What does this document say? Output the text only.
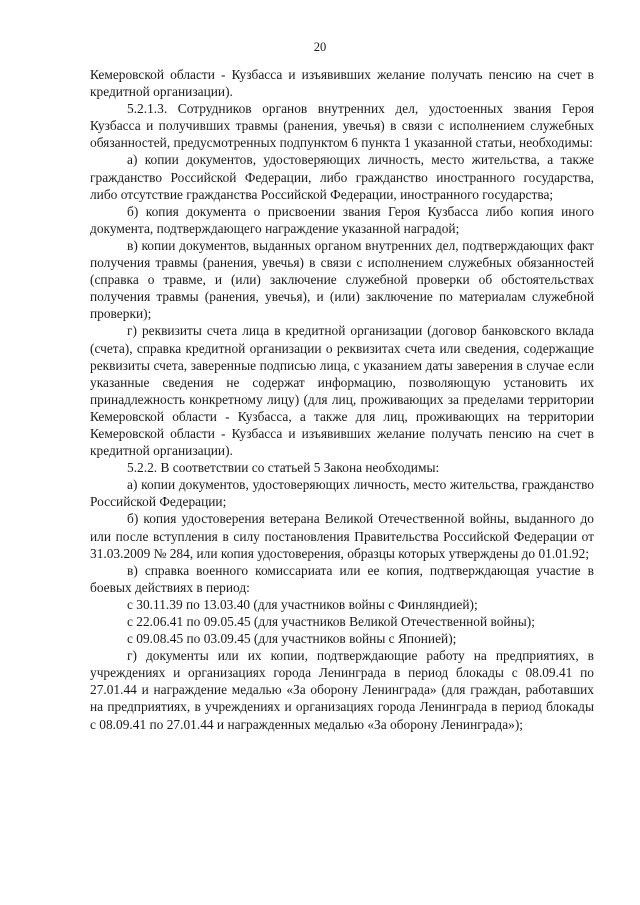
20

Кемеровской области - Кузбасса и изъявивших желание получать пенсию на счет в кредитной организации).

5.2.1.3. Сотрудников органов внутренних дел, удостоенных звания Героя Кузбасса и получивших травмы (ранения, увечья) в связи с исполнением служебных обязанностей, предусмотренных подпунктом 6 пункта 1 указанной статьи, необходимы:

а) копии документов, удостоверяющих личность, место жительства, а также гражданство Российской Федерации, либо гражданство иностранного государства, либо отсутствие гражданства Российской Федерации, иностранного государства;

б) копия документа о присвоении звания Героя Кузбасса либо копия иного документа, подтверждающего награждение указанной наградой;

в) копии документов, выданных органом внутренних дел, подтверждающих факт получения травмы (ранения, увечья) в связи с исполнением служебных обязанностей (справка о травме, и (или) заключение служебной проверки об обстоятельствах получения травмы (ранения, увечья), и (или) заключение по материалам служебной проверки);

г) реквизиты счета лица в кредитной организации (договор банковского вклада (счета), справка кредитной организации о реквизитах счета или сведения, содержащие реквизиты счета, заверенные подписью лица, с указанием даты заверения в случае если указанные сведения не содержат информацию, позволяющую установить их принадлежность конкретному лицу) (для лиц, проживающих за пределами территории Кемеровской области - Кузбасса, а также для лиц, проживающих на территории Кемеровской области - Кузбасса и изъявивших желание получать пенсию на счет в кредитной организации).

5.2.2. В соответствии со статьей 5 Закона необходимы:

а) копии документов, удостоверяющих личность, место жительства, гражданство Российской Федерации;

б) копия удостоверения ветерана Великой Отечественной войны, выданного до или после вступления в силу постановления Правительства Российской Федерации от 31.03.2009 № 284, или копия удостоверения, образцы которых утверждены до 01.01.92;

в) справка военного комиссариата или ее копия, подтверждающая участие в боевых действиях в период:

с 30.11.39 по 13.03.40 (для участников войны с Финляндией);

с 22.06.41 по 09.05.45 (для участников Великой Отечественной войны);

с 09.08.45 по 03.09.45 (для участников войны с Японией);

г) документы или их копии, подтверждающие работу на предприятиях, в учреждениях и организациях города Ленинграда в период блокады с 08.09.41 по 27.01.44 и награждение медалью «За оборону Ленинграда» (для граждан, работавших на предприятиях, в учреждениях и организациях города Ленинграда в период блокады с 08.09.41 по 27.01.44 и награжденных медалью «За оборону Ленинграда»);
